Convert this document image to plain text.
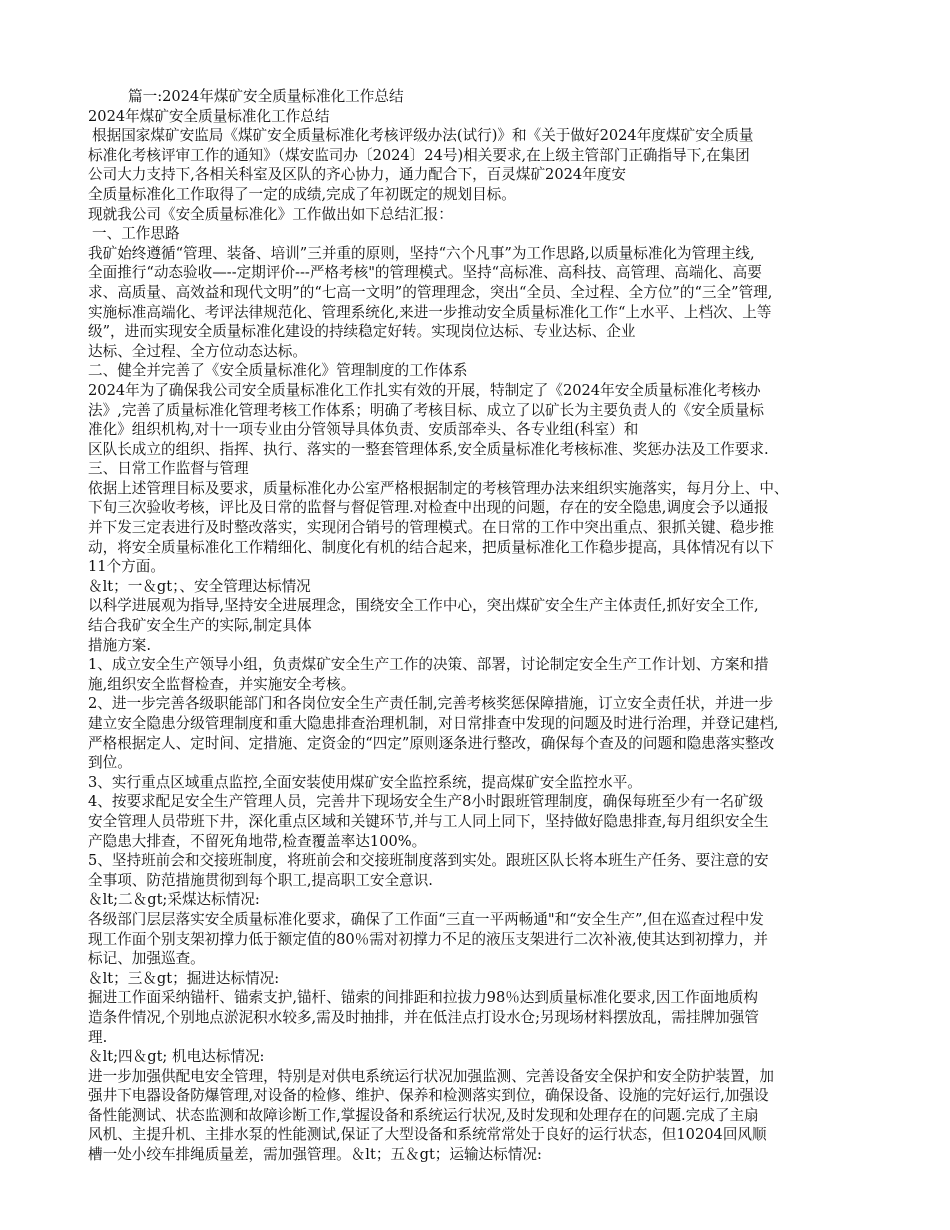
篇一:2024年煤矿安全质量标准化工作总结
2024年煤矿安全质量标准化工作总结
根据国家煤矿安监局《煤矿安全质量标准化考核评级办法(试行)》和《关于做好2024年度煤矿安全质量
标准化考核评审工作的通知》（煤安监司办〔2024〕24号)相关要求,在上级主管部门正确指导下,在集团
公司大力支持下,各相关科室及区队的齐心协力，通力配合下，百灵煤矿2024年度安
全质量标准化工作取得了一定的成绩,完成了年初既定的规划目标。
现就我公司《安全质量标准化》工作做出如下总结汇报：
一、工作思路
我矿始终遵循“管理、装备、培训”三并重的原则，坚持“六个凡事”为工作思路,以质量标准化为管理主线,
全面推行“动态验收—--定期评价---严格考核"的管理模式。坚持“高标准、高科技、高管理、高端化、高要
求、高质量、高效益和现代文明”的“七高一文明”的管理理念，突出“全员、全过程、全方位”的“三全”管理,
实施标准高端化、考评法律规范化、管理系统化,来进一步推动安全质量标准化工作“上水平、上档次、上等
级”，进而实现安全质量标准化建设的持续稳定好转。实现岗位达标、专业达标、企业
达标、全过程、全方位动态达标。
二、健全并完善了《安全质量标准化》管理制度的工作体系
2024年为了确保我公司安全质量标准化工作扎实有效的开展，特制定了《2024年安全质量标准化考核办
法》,完善了质量标准化管理考核工作体系；明确了考核目标、成立了以矿长为主要负责人的《安全质量标
准化》组织机构,对十一项专业由分管领导具体负责、安质部牵头、各专业组(科室）和
区队长成立的组织、指挥、执行、落实的一整套管理体系,安全质量标准化考核标准、奖惩办法及工作要求.
三、日常工作监督与管理
依据上述管理目标及要求，质量标准化办公室严格根据制定的考核管理办法来组织实施落实，每月分上、中、
下旬三次验收考核，评比及日常的监督与督促管理.对检查中出现的问题，存在的安全隐患,调度会予以通报
并下发三定表进行及时整改落实，实现闭合销号的管理模式。在日常的工作中突出重点、狠抓关键、稳步推
动，将安全质量标准化工作精细化、制度化有机的结合起来，把质量标准化工作稳步提高，具体情况有以下
11个方面。
＆lt；一＆gt；、安全管理达标情况
以科学进展观为指导,坚持安全进展理念，围绕安全工作中心，突出煤矿安全生产主体责任,抓好安全工作,
结合我矿安全生产的实际,制定具体
措施方案.
1、成立安全生产领导小组，负责煤矿安全生产工作的决策、部署，讨论制定安全生产工作计划、方案和措
施,组织安全监督检查，并实施安全考核。
2、进一步完善各级职能部门和各岗位安全生产责任制,完善考核奖惩保障措施，订立安全责任状，并进一步
建立安全隐患分级管理制度和重大隐患排查治理机制，对日常排查中发现的问题及时进行治理，并登记建档,
严格根据定人、定时间、定措施、定资金的“四定”原则逐条进行整改，确保每个查及的问题和隐患落实整改
到位。
3、实行重点区域重点监控,全面安装使用煤矿安全监控系统，提高煤矿安全监控水平。
4、按要求配足安全生产管理人员，完善井下现场安全生产8小时跟班管理制度，确保每班至少有一名矿级
安全管理人员带班下井，深化重点区域和关键环节,并与工人同上同下，坚持做好隐患排查,每月组织安全生
产隐患大排查，不留死角地带,检查覆盖率达100%。
5、坚持班前会和交接班制度，将班前会和交接班制度落到实处。跟班区队长将本班生产任务、要注意的安
全事项、防范措施贯彻到每个职工,提高职工安全意识.
＆lt;二＆gt;采煤达标情况:
各级部门层层落实安全质量标准化要求，确保了工作面“三直一平两畅通"和“安全生产”,但在巡查过程中发
现工作面个别支架初撑力低于额定值的80％需对初撑力不足的液压支架进行二次补液,使其达到初撑力，并
标记、加强巡查。
＆lt；三＆gt；掘进达标情况:
掘进工作面采纳锚杆、锚索支护,锚杆、锚索的间排距和拉拔力98％达到质量标准化要求,因工作面地质构
造条件情况,个别地点淤泥积水较多,需及时抽排，并在低洼点打设水仓;另现场材料摆放乱，需挂牌加强管
理.
＆lt;四＆gt; 机电达标情况:
进一步加强供配电安全管理，特别是对供电系统运行状况加强监测、完善设备安全保护和安全防护装置，加
强井下电器设备防爆管理,对设备的检修、维护、保养和检测落实到位，确保设备、设施的完好运行,加强设
备性能测试、状态监测和故障诊断工作,掌握设备和系统运行状况,及时发现和处理存在的问题.完成了主扇
风机、主提升机、主排水泵的性能测试,保证了大型设备和系统常常处于良好的运行状态，但10204回风顺
槽一处小绞车排绳质量差，需加强管理。＆lt；五＆gt；运输达标情况:
